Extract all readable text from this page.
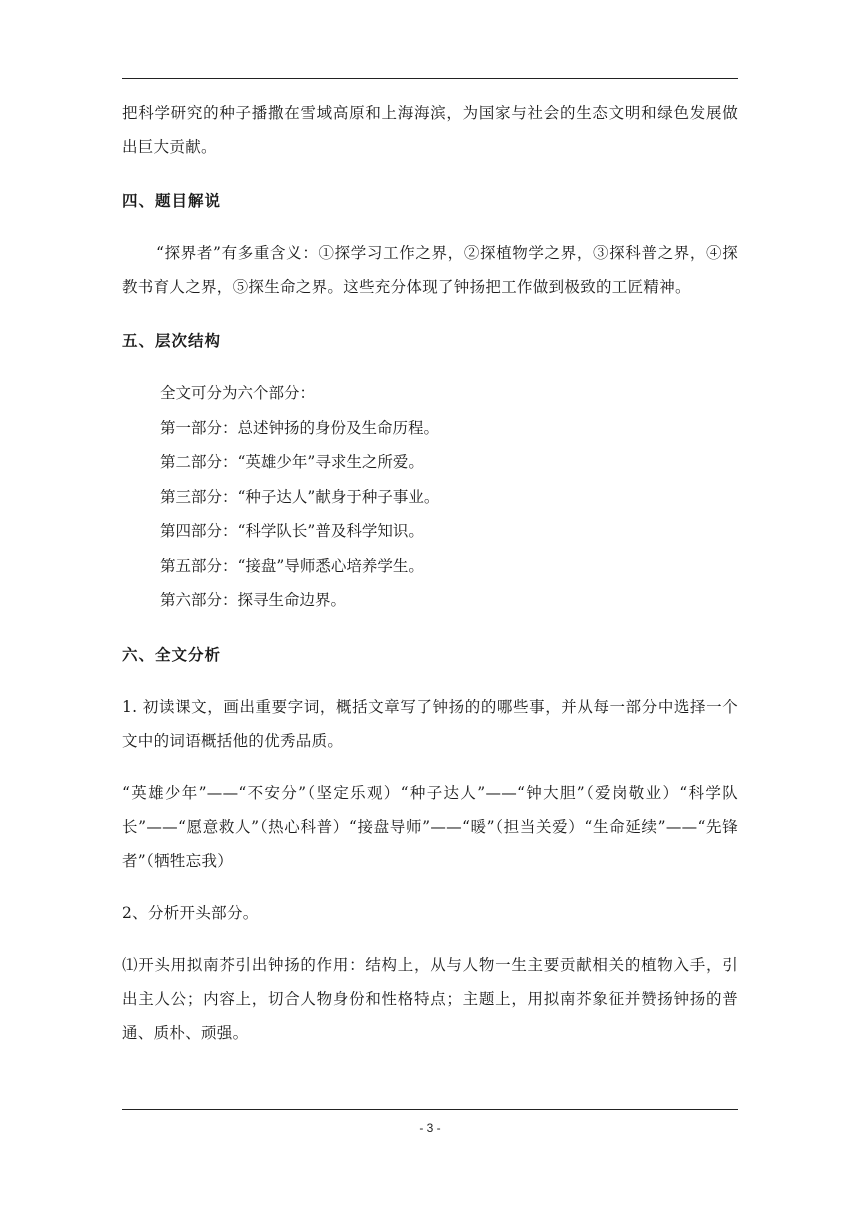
把科学研究的种子播撒在雪域高原和上海海滨，为国家与社会的生态文明和绿色发展做出巨大贡献。

四、题目解说

“探界者”有多重含义：①探学习工作之界，②探植物学之界，③探科普之界，④探教书育人之界，⑤探生命之界。这些充分体现了钟扬把工作做到极致的工匠精神。

五、层次结构

全文可分为六个部分：

第一部分：总述钟扬的身份及生命历程。

第二部分：“英雄少年”寻求生之所爱。

第三部分：“种子达人”献身于种子事业。

第四部分：“科学队长”普及科学知识。

第五部分：“接盘”导师悉心培养学生。

第六部分：探寻生命边界。

六、全文分析

1. 初读课文，画出重要字词，概括文章写了钟扬的的哪些事，并从每一部分中选择一个文中的词语概括他的优秀品质。

“英雄少年”——“不安分”（坚定乐观）“种子达人”——“钟大胆”（爱岗敬业）“科学队长”——“愿意救人”（热心科普）“接盘导师”——“暖”（担当关爱）“生命延续”——“先锋者”（牺牲忘我）

2、分析开头部分。

⑴开头用拟南芥引出钟扬的作用：结构上，从与人物一生主要贡献相关的植物入手，引出主人公；内容上，切合人物身份和性格特点；主题上，用拟南芥象征并赞扬钟扬的普通、质朴、顽强。

- 3 -
